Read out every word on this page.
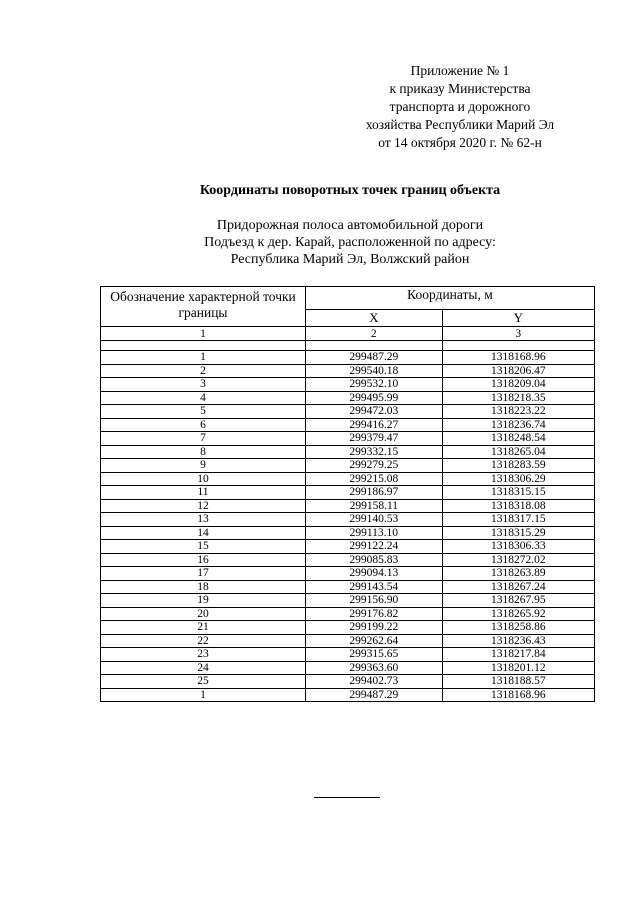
Приложение № 1
к приказу Министерства
транспорта и дорожного
хозяйства Республики Марий Эл
от 14 октября 2020 г. № 62-н
Координаты поворотных точек границ объекта
Придорожная полоса автомобильной дороги
Подъезд к дер. Карай, расположенной по адресу:
Республика Марий Эл, Волжский район
Обозначение характерной точки границы	Координаты, м	
	X	Y
1	2	3

1	299487.29	1318168.96
2	299540.18	1318206.47
3	299532.10	1318209.04
4	299495.99	1318218.35
5	299472.03	1318223.22
6	299416.27	1318236.74
7	299379.47	1318248.54
8	299332.15	1318265.04
9	299279.25	1318283.59
10	299215.08	1318306.29
11	299186.97	1318315.15
12	299158.11	1318318.08
13	299140.53	1318317.15
14	299113.10	1318315.29
15	299122.24	1318306.33
16	299085.83	1318272.02
17	299094.13	1318263.89
18	299143.54	1318267.24
19	299156.90	1318267.95
20	299176.82	1318265.92
21	299199.22	1318258.86
22	299262.64	1318236.43
23	299315.65	1318217.84
24	299363.60	1318201.12
25	299402.73	1318188.57
1	299487.29	1318168.96
